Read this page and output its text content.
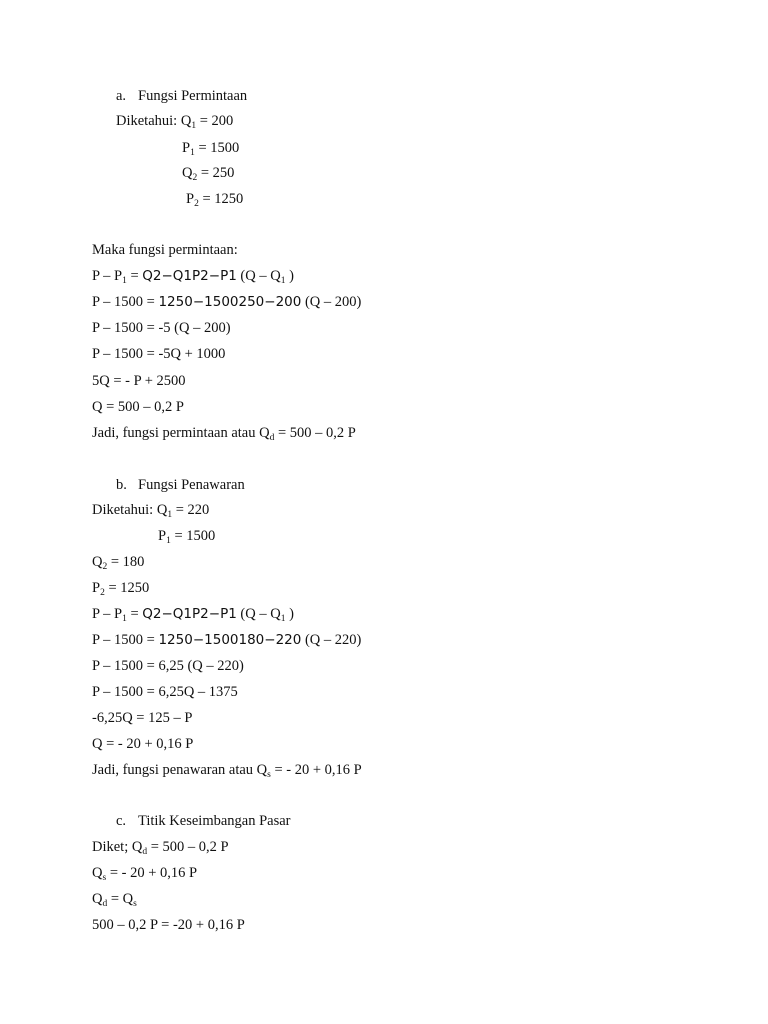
a. Fungsi Permintaan
Diketahui: $Q_1 = 200$
$P_1 = 1500$
$Q_2 = 250$
$P_2 = 1250$
Maka fungsi permintaan:
$P - P_1 = Q2-Q1P2-P1$ ($Q - Q_1$ )
P – 1500 = 1250−1500250−200 (Q – 200)
P – 1500 = -5 (Q – 200)
P – 1500 = -5Q + 1000
5Q = - P + 2500
Q = 500 – 0,2 P
Jadi, fungsi permintaan atau $Q_d = 500 - 0,2$ P
b. Fungsi Penawaran
Diketahui: $Q_1 = 220$
$P_1 = 1500$
$Q_2 = 180$
$P_2 = 1250$
$P - P_1 = Q2-Q1P2-P1$ ($Q - Q_1$ )
P – 1500 = 1250−1500180−220 (Q – 220)
P – 1500 = 6,25 (Q – 220)
P – 1500 = 6,25Q – 1375
-6,25Q = 125 – P
Q = - 20 + 0,16 P
Jadi, fungsi penawaran atau $Q_s$ = - 20 + 0,16 P
c. Titik Keseimbangan Pasar
Diket; $Q_d = 500 - 0,2$ P
$Q_s$ = - 20 + 0,16 P
$Q_d = Q_s$
500 – 0,2 P = -20 + 0,16 P
